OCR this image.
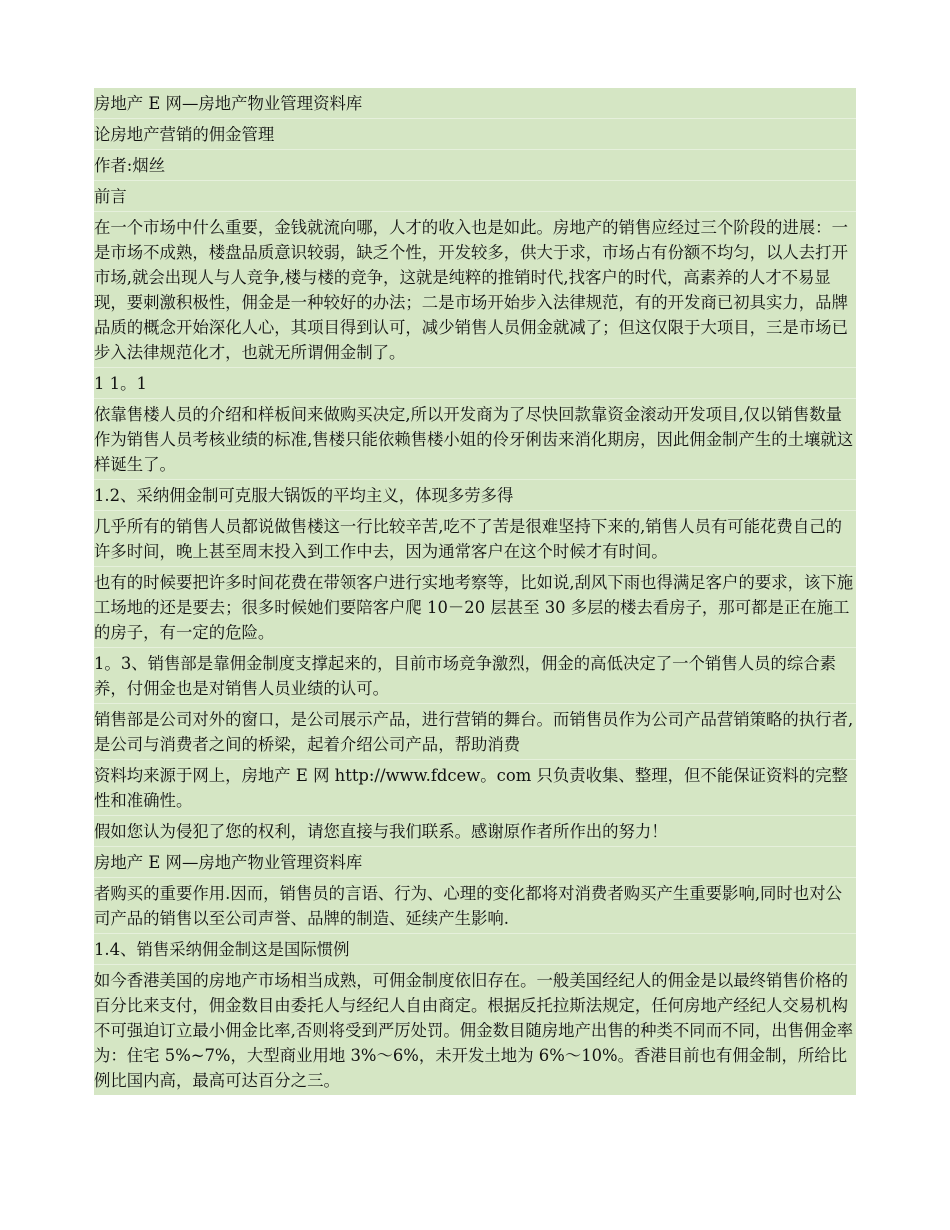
房地产 E 网—房地产物业管理资料库
论房地产营销的佣金管理
作者:烟丝
前言
在一个市场中什么重要，金钱就流向哪，人才的收入也是如此。房地产的销售应经过三个阶段的进展：一是市场不成熟，楼盘品质意识较弱，缺乏个性，开发较多，供大于求，市场占有份额不均匀，以人去打开市场,就会出现人与人竞争,楼与楼的竞争，这就是纯粹的推销时代,找客户的时代，高素养的人才不易显现，要刺激积极性，佣金是一种较好的办法；二是市场开始步入法律规范，有的开发商已初具实力，品牌品质的概念开始深化人心，其项目得到认可，减少销售人员佣金就减了；但这仅限于大项目，三是市场已步入法律规范化才，也就无所谓佣金制了。
1 1。1
依靠售楼人员的介绍和样板间来做购买决定,所以开发商为了尽快回款靠资金滚动开发项目,仅以销售数量作为销售人员考核业绩的标准,售楼只能依赖售楼小姐的伶牙俐齿来消化期房，因此佣金制产生的土壤就这样诞生了。
1.2、采纳佣金制可克服大锅饭的平均主义，体现多劳多得
几乎所有的销售人员都说做售楼这一行比较辛苦,吃不了苦是很难坚持下来的,销售人员有可能花费自己的许多时间，晚上甚至周末投入到工作中去，因为通常客户在这个时候才有时间。
也有的时候要把许多时间花费在带领客户进行实地考察等，比如说,刮风下雨也得满足客户的要求，该下施工场地的还是要去；很多时候她们要陪客户爬 10－20 层甚至 30 多层的楼去看房子，那可都是正在施工的房子，有一定的危险。
1。3、销售部是靠佣金制度支撑起来的，目前市场竞争激烈，佣金的高低决定了一个销售人员的综合素养，付佣金也是对销售人员业绩的认可。
销售部是公司对外的窗口，是公司展示产品，进行营销的舞台。而销售员作为公司产品营销策略的执行者,是公司与消费者之间的桥梁，起着介绍公司产品，帮助消费
资料均来源于网上，房地产 E 网 http://www.fdcew。com 只负责收集、整理，但不能保证资料的完整性和准确性。
假如您认为侵犯了您的权利，请您直接与我们联系。感谢原作者所作出的努力！
房地产 E 网—房地产物业管理资料库
者购买的重要作用.因而，销售员的言语、行为、心理的变化都将对消费者购买产生重要影响,同时也对公司产品的销售以至公司声誉、品牌的制造、延续产生影响.
1.4、销售采纳佣金制这是国际惯例
如今香港美国的房地产市场相当成熟，可佣金制度依旧存在。一般美国经纪人的佣金是以最终销售价格的百分比来支付，佣金数目由委托人与经纪人自由商定。根据反托拉斯法规定，任何房地产经纪人交易机构不可强迫订立最小佣金比率,否则将受到严厉处罚。佣金数目随房地产出售的种类不同而不同，出售佣金率为：住宅 5%~7%，大型商业用地 3%～6%，未开发土地为 6%～10%。香港目前也有佣金制，所给比例比国内高，最高可达百分之三。
